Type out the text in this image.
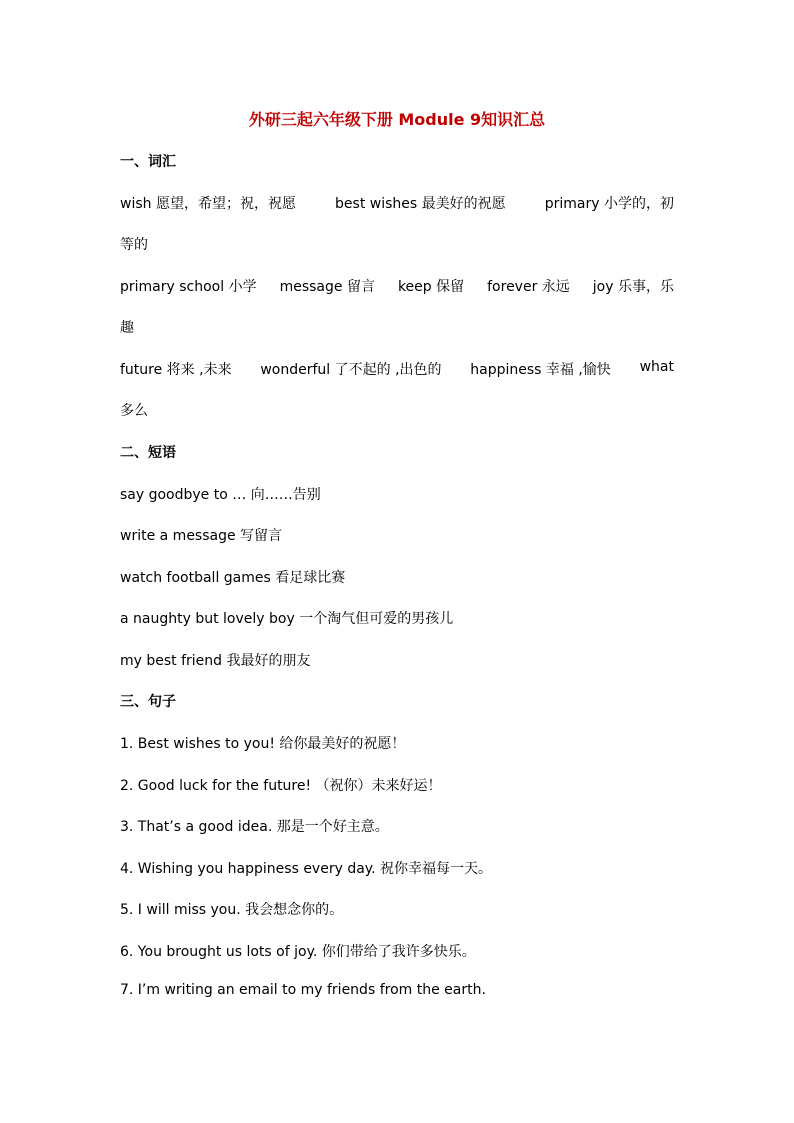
外研三起六年级下册 Module 9知识汇总
一、词汇
wish 愿望，希望；祝，祝愿	best wishes 最美好的祝愿	primary 小学的，初
等的
primary school 小学 message 留言 keep 保留 forever 永远 joy 乐事，乐
趣
future 将来 ,未来 wonderful 了不起的 ,出色的 happiness 幸福 ,愉快 what
多么
二、短语
say goodbye to … 向……告别
write a message 写留言
watch football games 看足球比赛
a naughty but lovely boy 一个淘气但可爱的男孩儿
my best friend 我最好的朋友
三、句子
1. Best wishes to you! 给你最美好的祝愿！
2. Good luck for the future! （祝你）未来好运！
3. That’s a good idea. 那是一个好主意。
4. Wishing you happiness every day. 祝你幸福每一天。
5. I will miss you. 我会想念你的。
6. You brought us lots of joy. 你们带给了我许多快乐。
7. I’m writing an email to my friends from the earth.
